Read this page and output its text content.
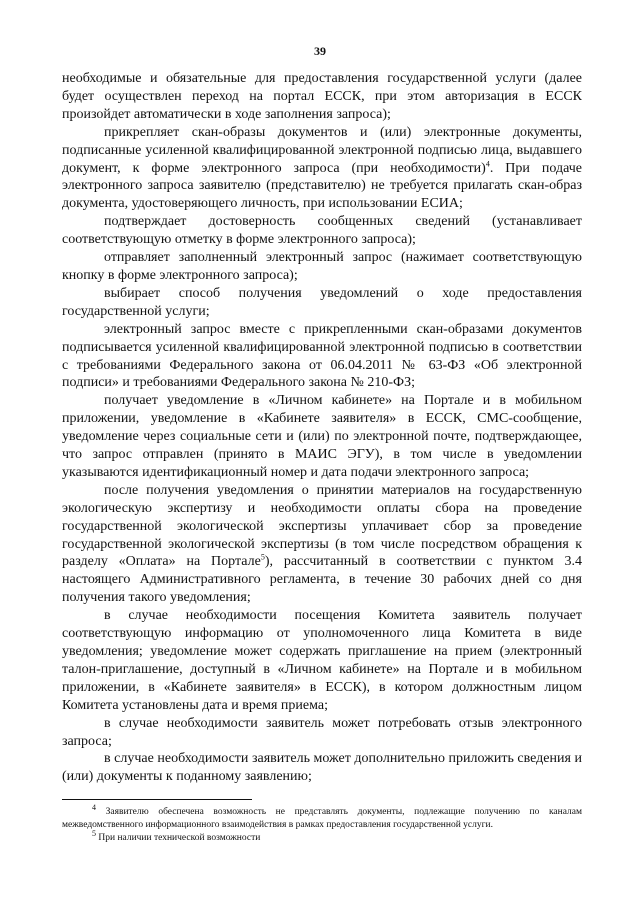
39

необходимые и обязательные для предоставления государственной услуги (далее будет осуществлен переход на портал ЕССК, при этом авторизация в ЕССК произойдет автоматически в ходе заполнения запроса);

прикрепляет скан-образы документов и (или) электронные документы, подписанные усиленной квалифицированной электронной подписью лица, выдавшего документ, к форме электронного запроса (при необходимости)$^4$. При подаче электронного запроса заявителю (представителю) не требуется прилагать скан-образ документа, удостоверяющего личность, при использовании ЕСИА;

подтверждает достоверность сообщенных сведений (устанавливает соответствующую отметку в форме электронного запроса);

отправляет заполненный электронный запрос (нажимает соответствующую кнопку в форме электронного запроса);

выбирает способ получения уведомлений о ходе предоставления государственной услуги;

электронный запрос вместе с прикрепленными скан-образами документов подписывается усиленной квалифицированной электронной подписью в соответствии с требованиями Федерального закона от 06.04.2011 № 63-ФЗ «Об электронной подписи» и требованиями Федерального закона № 210-ФЗ;

получает уведомление в «Личном кабинете» на Портале и в мобильном приложении, уведомление в «Кабинете заявителя» в ЕССК, СМС-сообщение, уведомление через социальные сети и (или) по электронной почте, подтверждающее, что запрос отправлен (принято в МАИС ЭГУ), в том числе в уведомлении указываются идентификационный номер и дата подачи электронного запроса;

после получения уведомления о принятии материалов на государственную экологическую экспертизу и необходимости оплаты сбора на проведение государственной экологической экспертизы уплачивает сбор за проведение государственной экологической экспертизы (в том числе посредством обращения к разделу «Оплата» на Портале$^5$), рассчитанный в соответствии с пунктом 3.4 настоящего Административного регламента, в течение 30 рабочих дней со дня получения такого уведомления;

в случае необходимости посещения Комитета заявитель получает соответствующую информацию от уполномоченного лица Комитета в виде уведомления; уведомление может содержать приглашение на прием (электронный талон-приглашение, доступный в «Личном кабинете» на Портале и в мобильном приложении, в «Кабинете заявителя» в ЕССК), в котором должностным лицом Комитета установлены дата и время приема;

в случае необходимости заявитель может потребовать отзыв электронного запроса;

в случае необходимости заявитель может дополнительно приложить сведения и (или) документы к поданному заявлению;

$^4$ Заявителю обеспечена возможность не представлять документы, подлежащие получению по каналам межведомственного информационного взаимодействия в рамках предоставления государственной услуги.

$^5$ При наличии технической возможности
